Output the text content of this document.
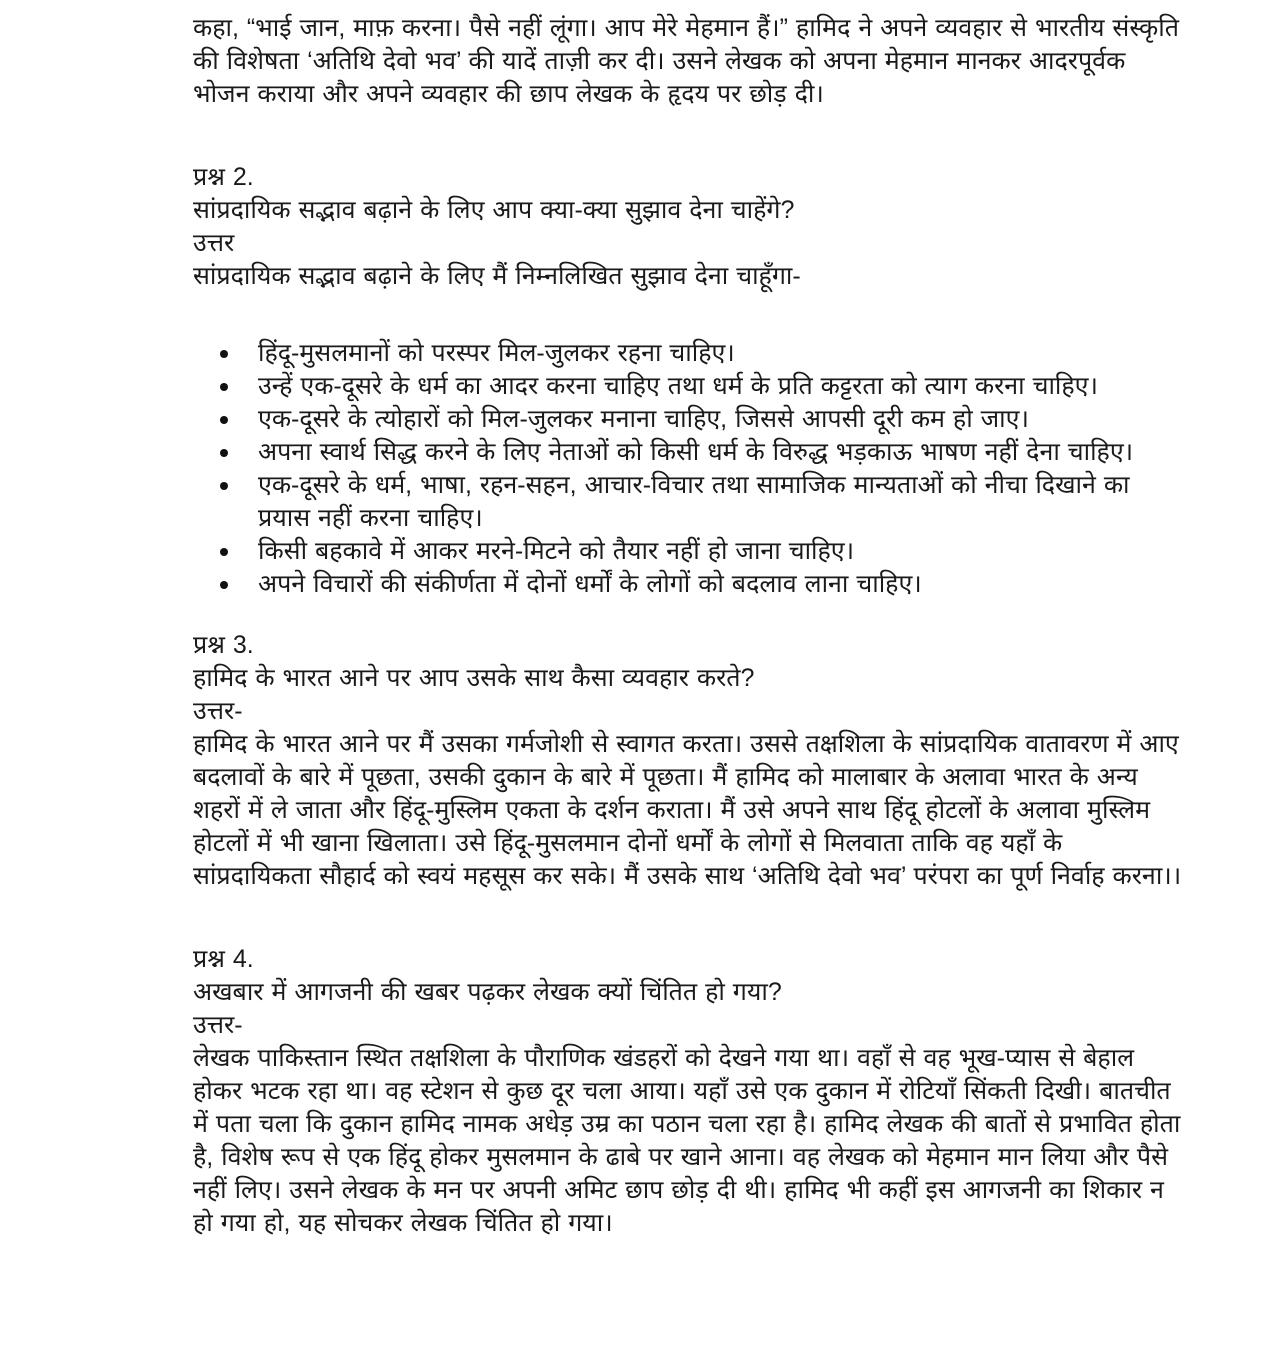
कहा, “भाई जान, माफ़ करना। पैसे नहीं लूंगा। आप मेरे मेहमान हैं।” हामिद ने अपने व्यवहार से भारतीय संस्कृति की विशेषता ‘अतिथि देवो भव’ की यादें ताज़ी कर दी। उसने लेखक को अपना मेहमान मानकर आदरपूर्वक भोजन कराया और अपने व्यवहार की छाप लेखक के हृदय पर छोड़ दी।

प्रश्न 2.
सांप्रदायिक सद्भाव बढ़ाने के लिए आप क्या-क्या सुझाव देना चाहेंगे?
उत्तर
सांप्रदायिक सद्भाव बढ़ाने के लिए मैं निम्नलिखित सुझाव देना चाहूँगा-
हिंदू-मुसलमानों को परस्पर मिल-जुलकर रहना चाहिए।
उन्हें एक-दूसरे के धर्म का आदर करना चाहिए तथा धर्म के प्रति कट्टरता को त्याग करना चाहिए।
एक-दूसरे के त्योहारों को मिल-जुलकर मनाना चाहिए, जिससे आपसी दूरी कम हो जाए।
अपना स्वार्थ सिद्ध करने के लिए नेताओं को किसी धर्म के विरुद्ध भड़काऊ भाषण नहीं देना चाहिए।
एक-दूसरे के धर्म, भाषा, रहन-सहन, आचार-विचार तथा सामाजिक मान्यताओं को नीचा दिखाने का प्रयास नहीं करना चाहिए।
किसी बहकावे में आकर मरने-मिटने को तैयार नहीं हो जाना चाहिए।
अपने विचारों की संकीर्णता में दोनों धर्मों के लोगों को बदलाव लाना चाहिए।
प्रश्न 3.
हामिद के भारत आने पर आप उसके साथ कैसा व्यवहार करते?
उत्तर-

हामिद के भारत आने पर मैं उसका गर्मजोशी से स्वागत करता। उससे तक्षशिला के सांप्रदायिक वातावरण में आए बदलावों के बारे में पूछता, उसकी दुकान के बारे में पूछता। मैं हामिद को मालाबार के अलावा भारत के अन्य शहरों में ले जाता और हिंदू-मुस्लिम एकता के दर्शन कराता। मैं उसे अपने साथ हिंदू होटलों के अलावा मुस्लिम होटलों में भी खाना खिलाता। उसे हिंदू-मुसलमान दोनों धर्मों के लोगों से मिलवाता ताकि वह यहाँ के सांप्रदायिकता सौहार्द को स्वयं महसूस कर सके। मैं उसके साथ ‘अतिथि देवो भव’ परंपरा का पूर्ण निर्वाह करना।।

प्रश्न 4.
अखबार में आगजनी की खबर पढ़कर लेखक क्यों चिंतित हो गया?
उत्तर-

लेखक पाकिस्तान स्थित तक्षशिला के पौराणिक खंडहरों को देखने गया था। वहाँ से वह भूख-प्यास से बेहाल होकर भटक रहा था। वह स्टेशन से कुछ दूर चला आया। यहाँ उसे एक दुकान में रोटियाँ सिंकती दिखी। बातचीत में पता चला कि दुकान हामिद नामक अधेड़ उम्र का पठान चला रहा है। हामिद लेखक की बातों से प्रभावित होता है, विशेष रूप से एक हिंदू होकर मुसलमान के ढाबे पर खाने आना। वह लेखक को मेहमान मान लिया और पैसे नहीं लिए। उसने लेखक के मन पर अपनी अमिट छाप छोड़ दी थी। हामिद भी कहीं इस आगजनी का शिकार न हो गया हो, यह सोचकर लेखक चिंतित हो गया।
